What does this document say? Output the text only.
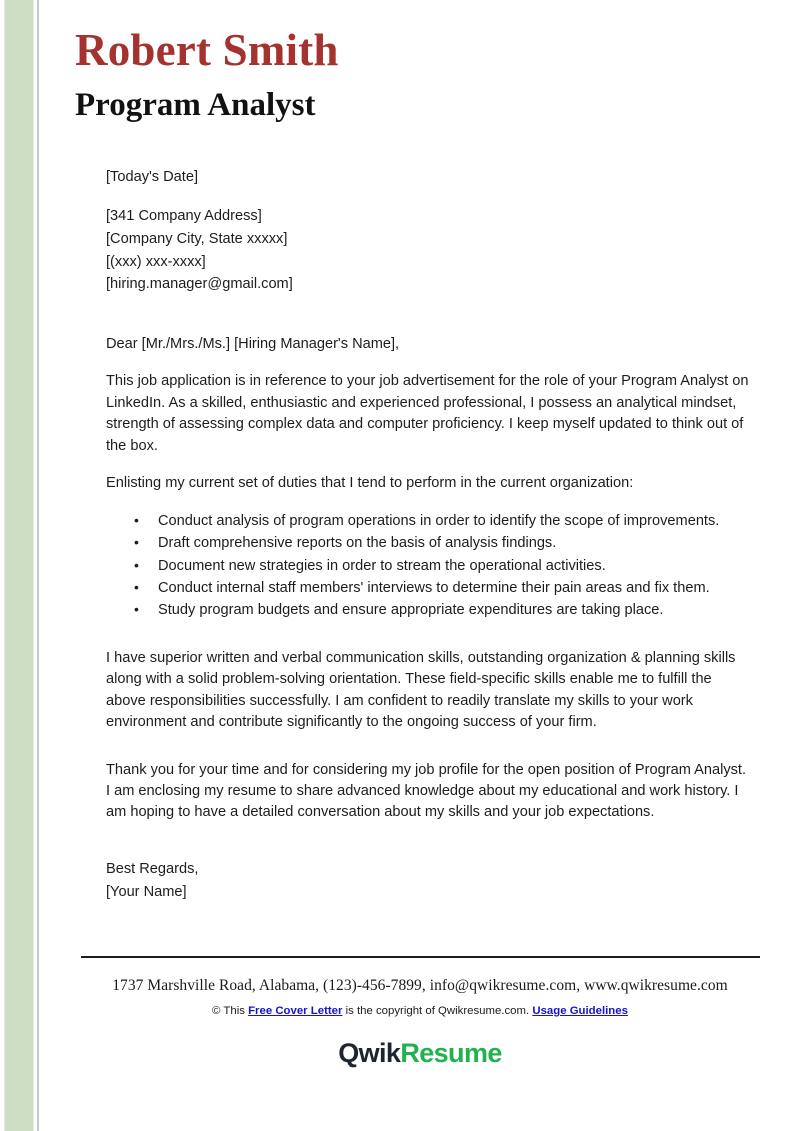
Robert Smith
Program Analyst
[Today's Date]
[341 Company Address]
[Company City, State xxxxx]
[(xxx) xxx-xxxx]
[hiring.manager@gmail.com]
Dear [Mr./Mrs./Ms.] [Hiring Manager's Name],
This job application is in reference to your job advertisement for the role of your Program Analyst on LinkedIn. As a skilled, enthusiastic and experienced professional, I possess an analytical mindset, strength of assessing complex data and computer proficiency. I keep myself updated to think out of the box.
Enlisting my current set of duties that I tend to perform in the current organization:
• Conduct analysis of program operations in order to identify the scope of improvements.
• Draft comprehensive reports on the basis of analysis findings.
• Document new strategies in order to stream the operational activities.
• Conduct internal staff members' interviews to determine their pain areas and fix them.
• Study program budgets and ensure appropriate expenditures are taking place.
I have superior written and verbal communication skills, outstanding organization & planning skills along with a solid problem-solving orientation. These field-specific skills enable me to fulfill the above responsibilities successfully. I am confident to readily translate my skills to your work environment and contribute significantly to the ongoing success of your firm.
Thank you for your time and for considering my job profile for the open position of Program Analyst. I am enclosing my resume to share advanced knowledge about my educational and work history. I am hoping to have a detailed conversation about my skills and your job expectations.
Best Regards,
[Your Name]
1737 Marshville Road, Alabama, (123)-456-7899, info@qwikresume.com, www.qwikresume.com
© This Free Cover Letter is the copyright of Qwikresume.com. Usage Guidelines
QwikResume
